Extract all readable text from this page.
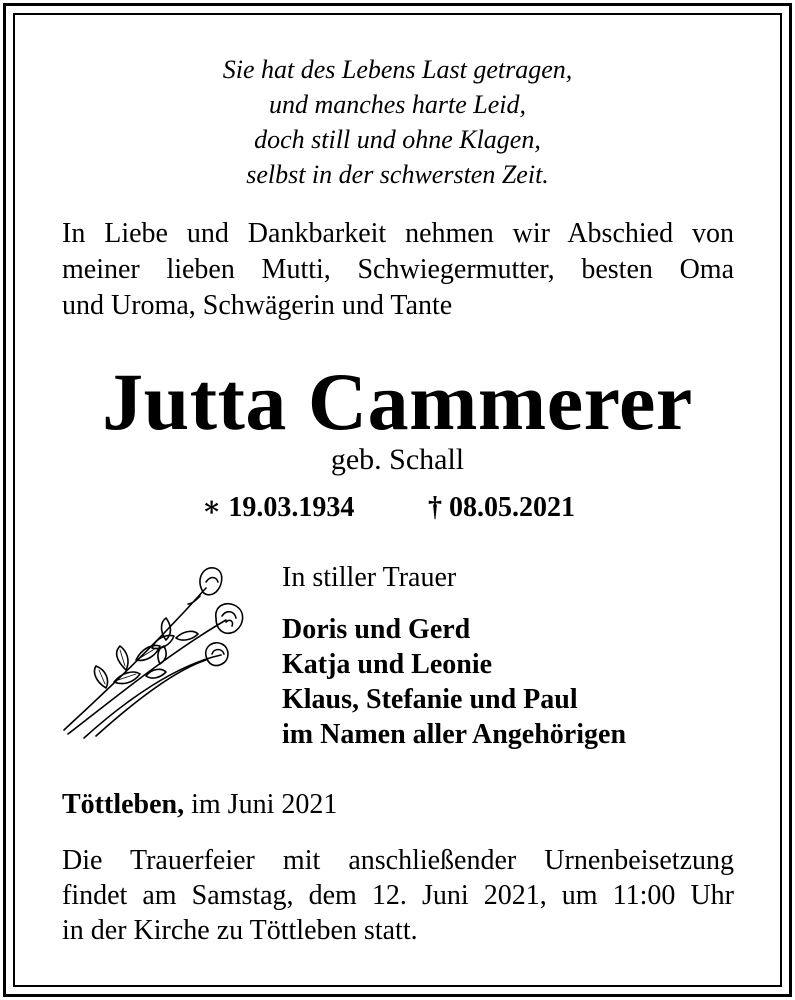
Sie hat des Lebens Last getragen,
und manches harte Leid,
doch still und ohne Klagen,
selbst in der schwersten Zeit.
In Liebe und Dankbarkeit nehmen wir Abschied von
meiner lieben Mutti, Schwiegermutter, besten Oma
und Uroma, Schwägerin und Tante
Jutta Cammerer
geb. Schall
∗ 19.03.1934	† 08.05.2021
In stiller Trauer
Doris und Gerd
Katja und Leonie
Klaus, Stefanie und Paul
im Namen aller Angehörigen
Töttleben, im Juni 2021
Die Trauerfeier mit anschließender Urnenbeisetzung
findet am Samstag, dem 12. Juni 2021, um 11:00 Uhr
in der Kirche zu Töttleben statt.
